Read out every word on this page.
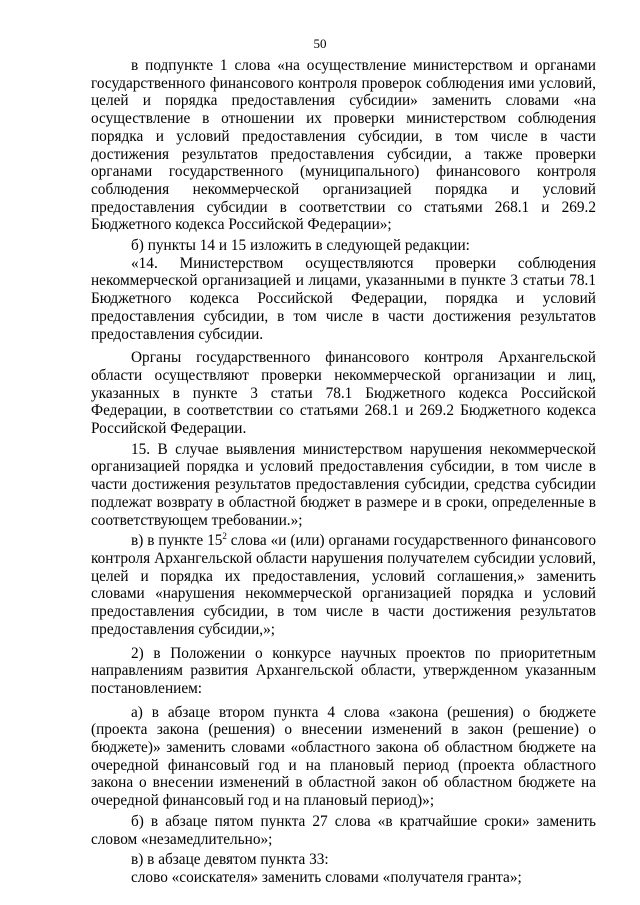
50

в подпункте 1 слова «на осуществление министерством и органами государственного финансового контроля проверок соблюдения ими условий, целей и порядка предоставления субсидии» заменить словами «на осуществление в отношении их проверки министерством соблюдения порядка и условий предоставления субсидии, в том числе в части достижения результатов предоставления субсидии, а также проверки органами государственного (муниципального) финансового контроля соблюдения некоммерческой организацией порядка и условий предоставления субсидии в соответствии со статьями 268.1 и 269.2 Бюджетного кодекса Российской Федерации»;

б) пункты 14 и 15 изложить в следующей редакции:

«14. Министерством осуществляются проверки соблюдения некоммерческой организацией и лицами, указанными в пункте 3 статьи 78.1 Бюджетного кодекса Российской Федерации, порядка и условий предоставления субсидии, в том числе в части достижения результатов предоставления субсидии.

Органы государственного финансового контроля Архангельской области осуществляют проверки некоммерческой организации и лиц, указанных в пункте 3 статьи 78.1 Бюджетного кодекса Российской Федерации, в соответствии со статьями 268.1 и 269.2 Бюджетного кодекса Российской Федерации.

15. В случае выявления министерством нарушения некоммерческой организацией порядка и условий предоставления субсидии, в том числе в части достижения результатов предоставления субсидии, средства субсидии подлежат возврату в областной бюджет в размере и в сроки, определенные в соответствующем требовании.»;

в) в пункте $15^2$ слова «и (или) органами государственного финансового контроля Архангельской области нарушения получателем субсидии условий, целей и порядка их предоставления, условий соглашения,» заменить словами «нарушения некоммерческой организацией порядка и условий предоставления субсидии, в том числе в части достижения результатов предоставления субсидии,»;

2) в Положении о конкурсе научных проектов по приоритетным направлениям развития Архангельской области, утвержденном указанным постановлением:

а) в абзаце втором пункта 4 слова «закона (решения) о бюджете (проекта закона (решения) о внесении изменений в закон (решение) о бюджете)» заменить словами «областного закона об областном бюджете на очередной финансовый год и на плановый период (проекта областного закона о внесении изменений в областной закон об областном бюджете на очередной финансовый год и на плановый период)»;

б) в абзаце пятом пункта 27 слова «в кратчайшие сроки» заменить словом «незамедлительно»;

в) в абзаце девятом пункта 33:

слово «соискателя» заменить словами «получателя гранта»;
